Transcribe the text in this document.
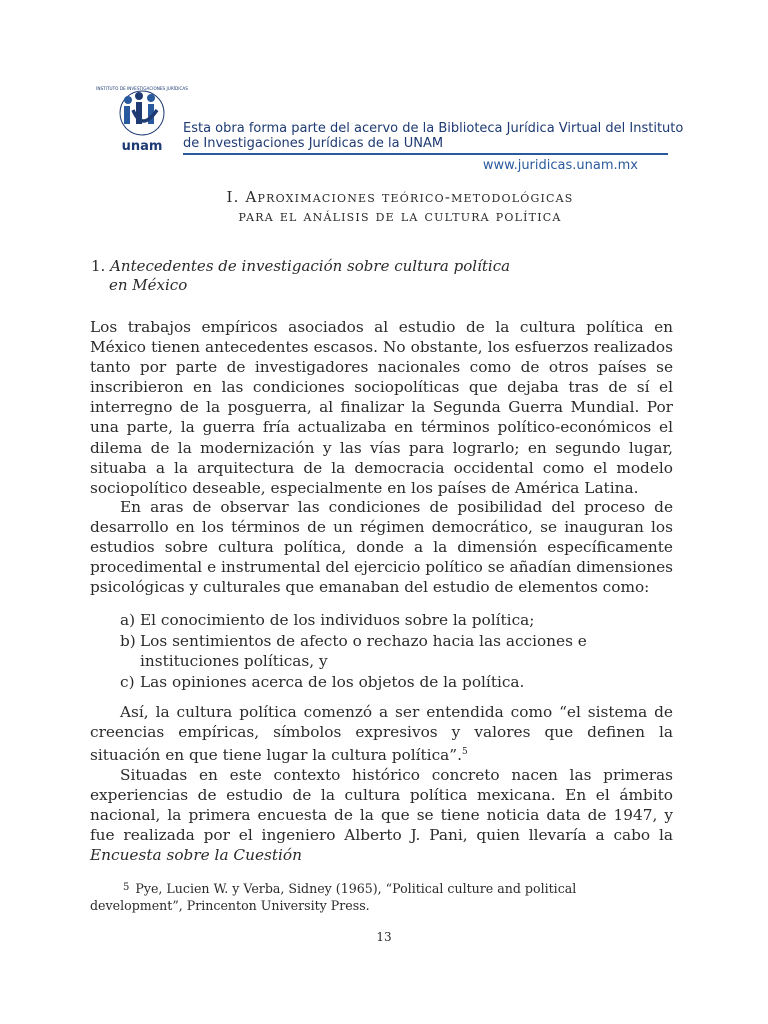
INSTITUTO DE INVESTIGACIONES JURÍDICAS
unam
Esta obra forma parte del acervo de la Biblioteca Jurídica Virtual del Instituto
de Investigaciones Jurídicas de la UNAM
www.juridicas.unam.mx
I. Aproximaciones teórico-metodológicas
para el análisis de la cultura política
1. Antecedentes de investigación sobre cultura política
en México

Los trabajos empíricos asociados al estudio de la cultura política en México tienen antecedentes escasos. No obstante, los esfuerzos realizados tanto por parte de investigadores nacionales como de otros países se inscribieron en las condiciones sociopolíticas que dejaba tras de sí el interregno de la posguerra, al finalizar la Segunda Guerra Mundial. Por una parte, la guerra fría actualizaba en términos político-económicos el dilema de la modernización y las vías para lograrlo; en segundo lugar, situaba a la arquitectura de la democracia occidental como el modelo sociopolítico deseable, especialmente en los países de América Latina.

En aras de observar las condiciones de posibilidad del proceso de desarrollo en los términos de un régimen democrático, se inauguran los estudios sobre cultura política, donde a la dimensión específicamente procedimental e instrumental del ejercicio político se añadían dimensiones psicológicas y culturales que emanaban del estudio de elementos como:

a) El conocimiento de los individuos sobre la política;
b) Los sentimientos de afecto o rechazo hacia las acciones e instituciones políticas, y
c) Las opiniones acerca de los objetos de la política.

Así, la cultura política comenzó a ser entendida como “el sistema de creencias empíricas, símbolos expresivos y valores que definen la situación en que tiene lugar la cultura política”.$^5$

Situadas en este contexto histórico concreto nacen las primeras experiencias de estudio de la cultura política mexicana. En el ámbito nacional, la primera encuesta de la que se tiene noticia data de 1947, y fue realizada por el ingeniero Alberto J. Pani, quien llevaría a cabo la Encuesta sobre la Cuestión

$^5$ Pye, Lucien W. y Verba, Sidney (1965), “Political culture and political development”, Princenton University Press.
13
